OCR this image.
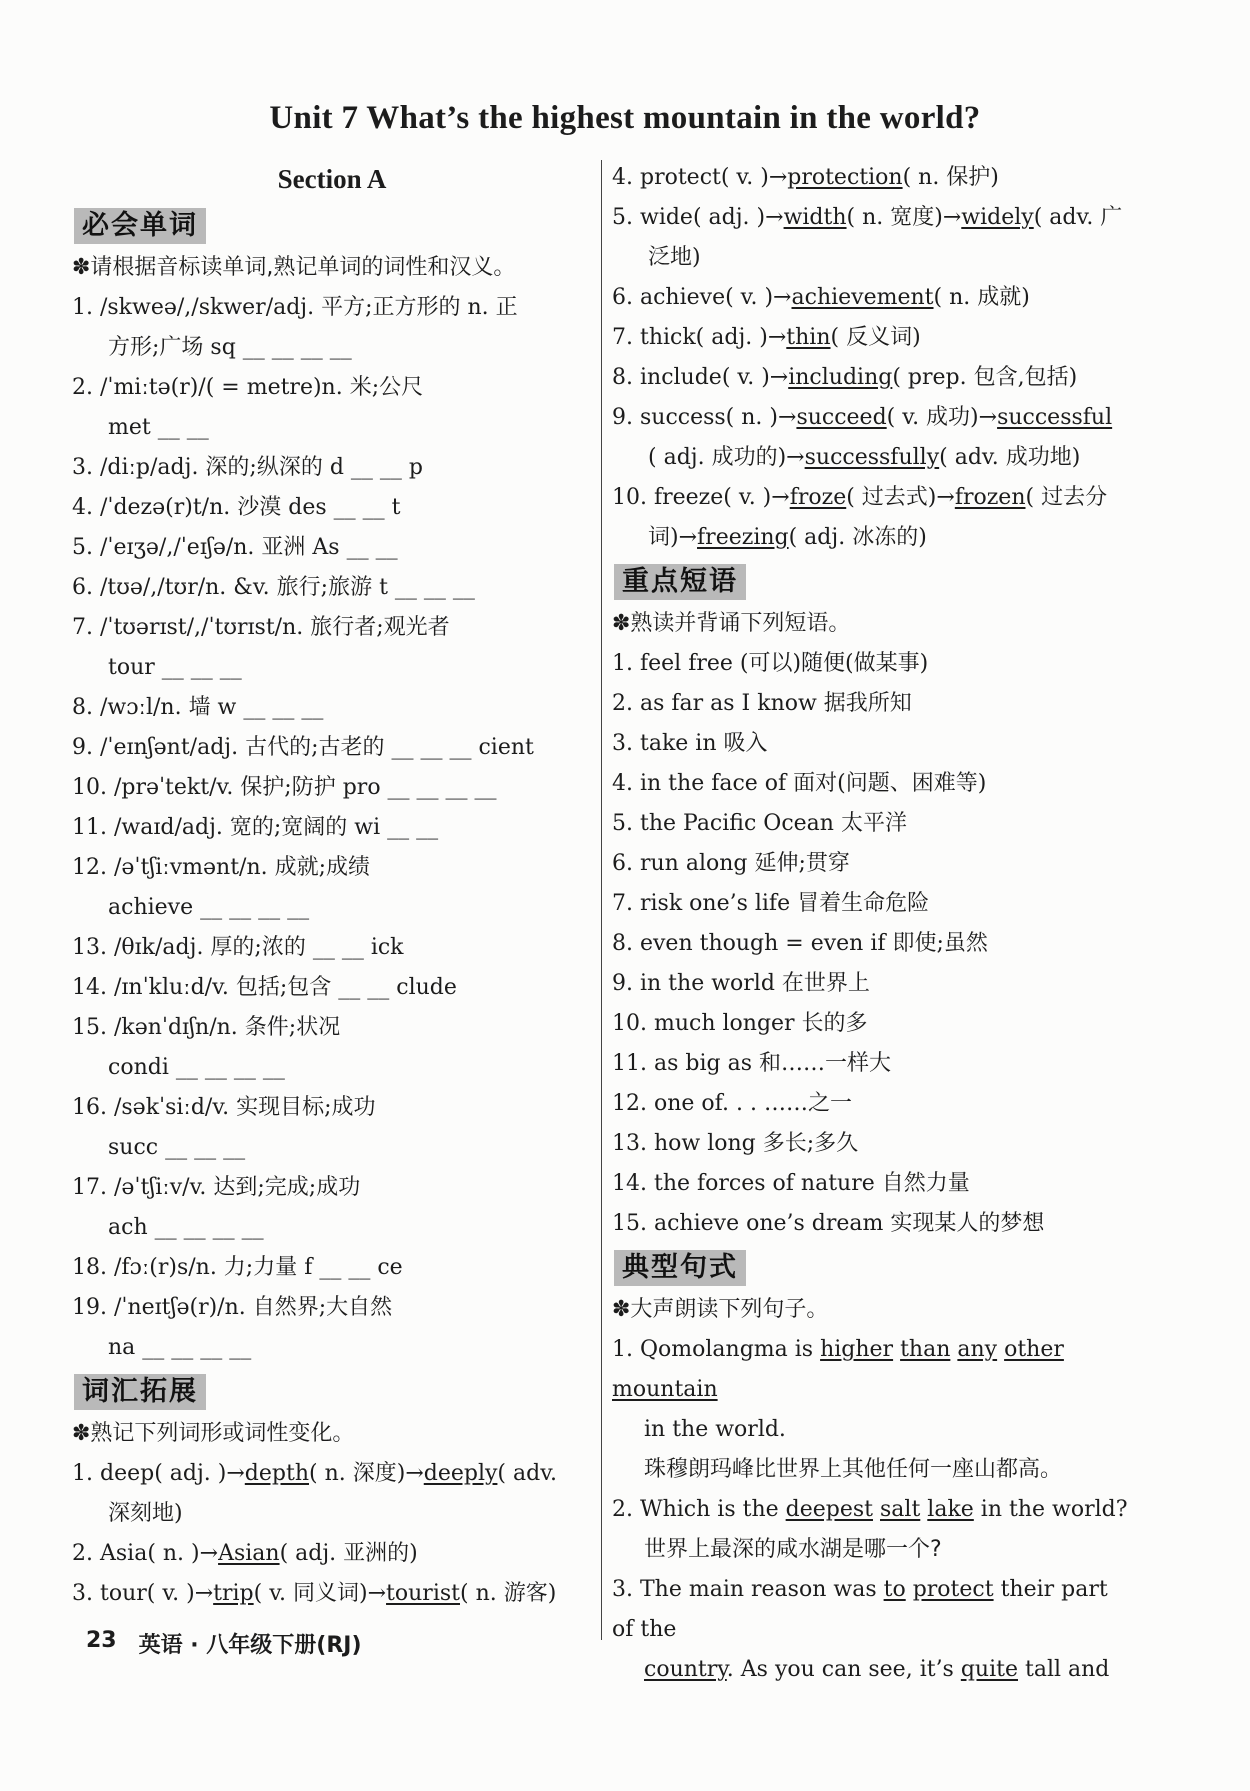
Unit 7 What’s the highest mountain in the world?
Section A
必会单词
✽请根据音标读单词,熟记单词的词性和汉义。
1. /skweə/,/skwer/adj. 平方;正方形的 n. 正
方形;广场 sq __ __ __ __
2. /ˈmiːtə(r)/( = metre)n. 米;公尺
met __ __
3. /diːp/adj. 深的;纵深的 d __ __ p
4. /ˈdezə(r)t/n. 沙漠 des __ __ t
5. /ˈeɪʒə/,/ˈeɪʃə/n. 亚洲 As __ __
6. /tʊə/,/tʊr/n. &v. 旅行;旅游 t __ __ __
7. /ˈtʊərɪst/,/ˈtʊrɪst/n. 旅行者;观光者
tour __ __ __
8. /wɔːl/n. 墙 w __ __ __
9. /ˈeɪnʃənt/adj. 古代的;古老的 __ __ __ cient
10. /prəˈtekt/v. 保护;防护 pro __ __ __ __
11. /waɪd/adj. 宽的;宽阔的 wi __ __
12. /əˈtʃiːvmənt/n. 成就;成绩
achieve __ __ __ __
13. /θɪk/adj. 厚的;浓的 __ __ ick
14. /ɪnˈkluːd/v. 包括;包含 __ __ clude
15. /kənˈdɪʃn/n. 条件;状况
condi __ __ __ __
16. /səkˈsiːd/v. 实现目标;成功
succ __ __ __
17. /əˈtʃiːv/v. 达到;完成;成功
ach __ __ __ __
18. /fɔː(r)s/n. 力;力量 f __ __ ce
19. /ˈneɪtʃə(r)/n. 自然界;大自然
na __ __ __ __
词汇拓展
✽熟记下列词形或词性变化。
1. deep( adj. )→depth( n. 深度)→deeply( adv.
深刻地)
2. Asia( n. )→Asian( adj. 亚洲的)
3. tour( v. )→trip( v. 同义词)→tourist( n. 游客)
4. protect( v. )→protection( n. 保护)
5. wide( adj. )→width( n. 宽度)→widely( adv. 广
泛地)
6. achieve( v. )→achievement( n. 成就)
7. thick( adj. )→thin( 反义词)
8. include( v. )→including( prep. 包含,包括)
9. success( n. )→succeed( v. 成功)→successful
( adj. 成功的)→successfully( adv. 成功地)
10. freeze( v. )→froze( 过去式)→frozen( 过去分
词)→freezing( adj. 冰冻的)
重点短语
✽熟读并背诵下列短语。
1. feel free (可以)随便(做某事)
2. as far as I know 据我所知
3. take in 吸入
4. in the face of 面对(问题、困难等)
5. the Pacific Ocean 太平洋
6. run along 延伸;贯穿
7. risk one’s life 冒着生命危险
8. even though = even if 即使;虽然
9. in the world 在世界上
10. much longer 长的多
11. as big as 和……一样大
12. one of. . . ……之一
13. how long 多长;多久
14. the forces of nature 自然力量
15. achieve one’s dream 实现某人的梦想
典型句式
✽大声朗读下列句子。
1. Qomolangma is higher than any other mountain
in the world.
珠穆朗玛峰比世界上其他任何一座山都高。
2. Which is the deepest salt lake in the world?
世界上最深的咸水湖是哪一个?
3. The main reason was to protect their part of the
country. As you can see, it’s quite tall and
23 英语 · 八年级下册(RJ)
